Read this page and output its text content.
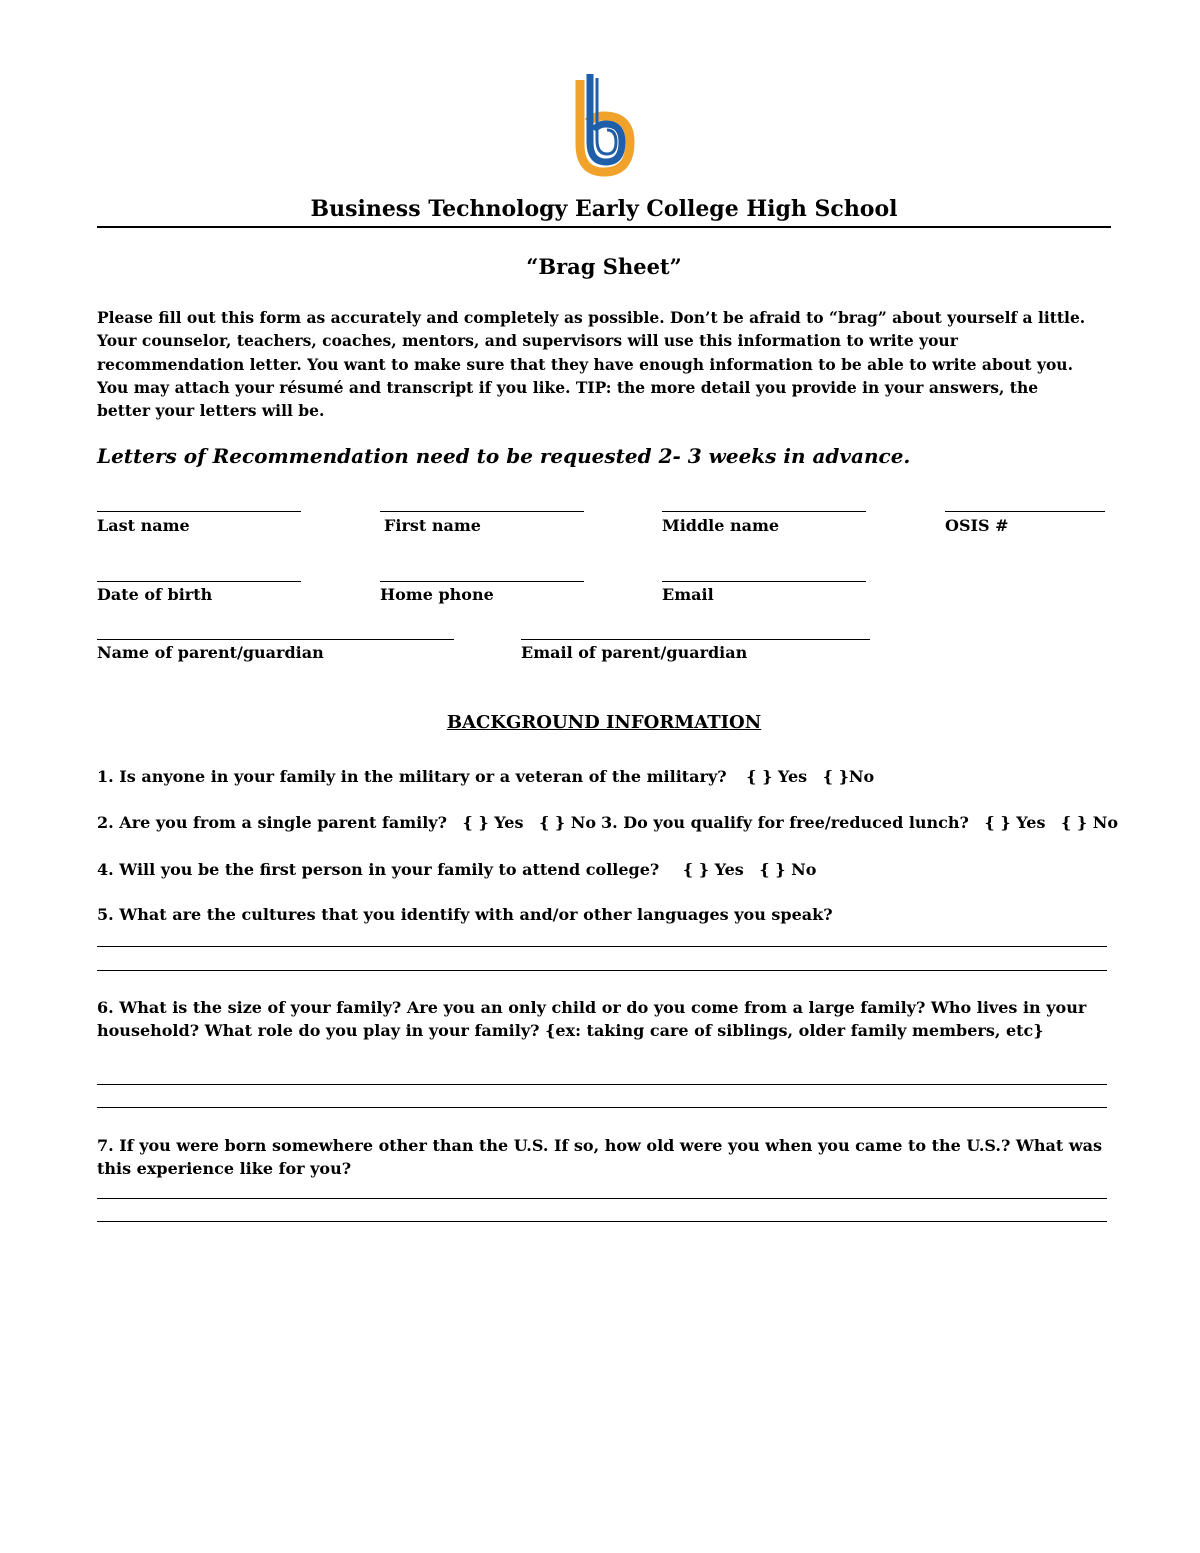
Business Technology Early College High School
“Brag Sheet”
Please fill out this form as accurately and completely as possible. Don’t be afraid to “brag” about yourself a little.
Your counselor, teachers, coaches, mentors, and supervisors will use this information to write your
recommendation letter. You want to make sure that they have enough information to be able to write about you.
You may attach your résumé and transcript if you like. TIP: the more detail you provide in your answers, the
better your letters will be.
Letters of Recommendation need to be requested 2- 3 weeks in advance.
Last name	First name	Middle name	OSIS #
Date of birth	Home phone	Email
Name of parent/guardian	Email of parent/guardian
BACKGROUND INFORMATION
1. Is anyone in your family in the military or a veteran of the military? { } Yes { }No
2. Are you from a single parent family? { } Yes { } No 3. Do you qualify for free/reduced lunch? { } Yes { } No
4. Will you be the first person in your family to attend college? { } Yes { } No
5. What are the cultures that you identify with and/or other languages you speak?
6. What is the size of your family? Are you an only child or do you come from a large family? Who lives in your
household? What role do you play in your family? {ex: taking care of siblings, older family members, etc}
7. If you were born somewhere other than the U.S. If so, how old were you when you came to the U.S.? What was
this experience like for you?
